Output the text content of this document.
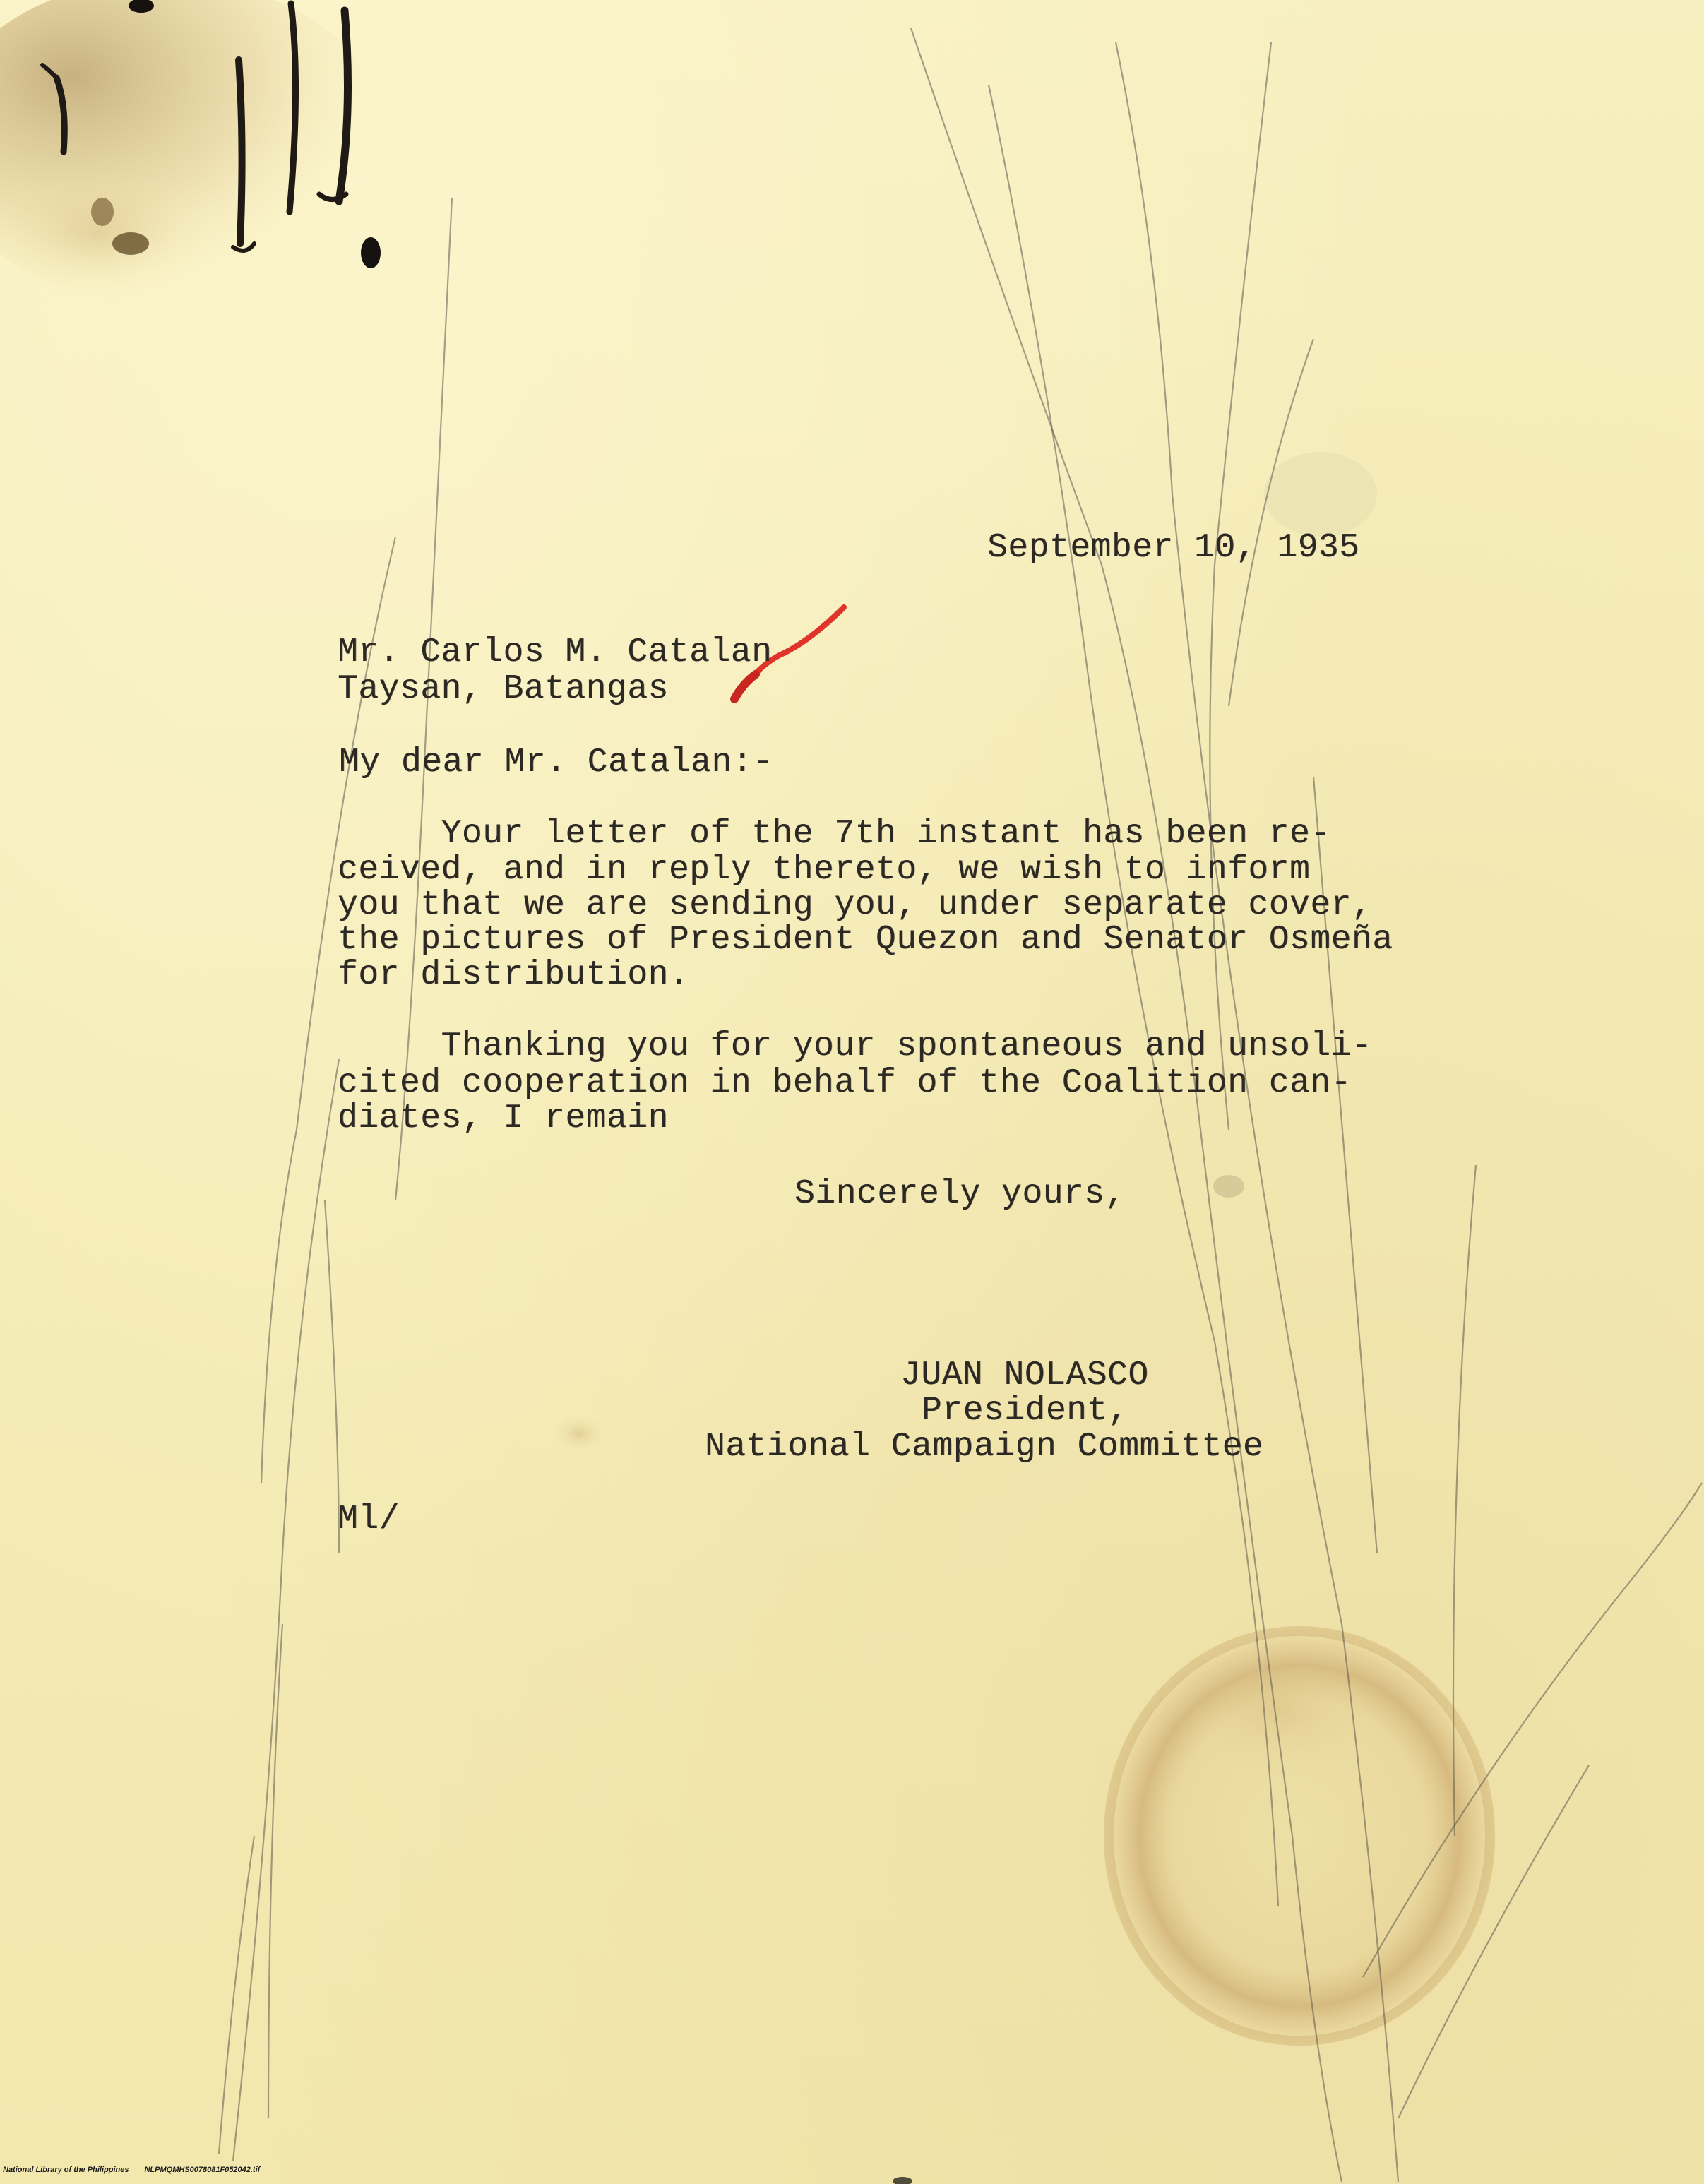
September 10, 1935
Mr. Carlos M. Catalan
Taysan, Batangas
My dear Mr. Catalan:-
Your letter of the 7th instant has been re-
ceived, and in reply thereto, we wish to inform
you that we are sending you, under separate cover,
the pictures of President Quezon and Senator Osmeña
for distribution.
Thanking you for your spontaneous and unsoli-
cited cooperation in behalf of the Coalition can-
diates, I remain
Sincerely yours,
JUAN NOLASCO
President,
National Campaign Committee
Ml/
National Library of the Philippines NLPMQMHS0078081F052042.tif
